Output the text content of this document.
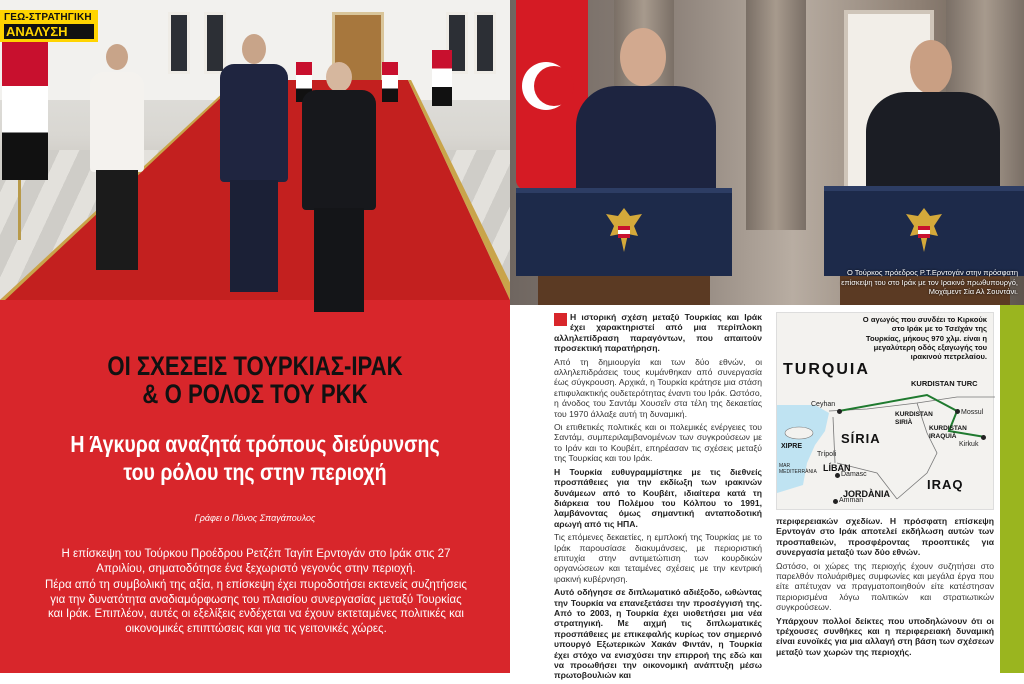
ΓΕΩ-ΣΤΡΑΤΗΓΙΚΗ
ΑΝΑΛΥΣΗ
ΟΙ ΣΧΕΣΕΙΣ ΤΟΥΡΚΙΑΣ-ΙΡΑΚ
& Ο ΡΟΛΟΣ ΤΟΥ PKK
Η Άγκυρα αναζητά τρόπους διεύρυνσης
του ρόλου της στην περιοχή
Γράφει ο Πόνος Σπαγάπουλος

Η επίσκεψη του Τούρκου Προέδρου Ρετζέπ Ταγίπ Ερντογάν στο Ιράκ στις 27 Απριλίου, σηματοδότησε ένα ξεχωριστό γεγονός στην περιοχή.

Πέρα από τη συμβολική της αξία, η επίσκεψη έχει πυροδοτήσει εκτενείς συζητήσεις για την δυνατότητα αναδιαμόρφωσης του πλαισίου συνεργασίας μεταξύ Τουρκίας και Ιράκ. Επιπλέον, αυτές οι εξελίξεις ενδέχεται να έχουν εκτεταμένες πολιτικές και οικονομικές επιπτώσεις και για τις γειτονικές χώρες.

Ο Τούρκος πρόεδρος Ρ.Τ.Ερντογάν στην πρόσφατη επίσκεψη του στο Ιράκ με τον Ιρακινό πρωθυπουργό, Μοχάμεντ Σία Αλ Σουντάνι.

Η ιστορική σχέση μεταξύ Τουρκίας και Ιράκ έχει χαρακτηριστεί από μια περίπλοκη αλληλεπίδραση παραγόντων, που απαιτούν προσεκτική παρατήρηση.

Από τη δημιουργία και των δύο εθνών, οι αλληλεπιδράσεις τους κυμάνθηκαν από συνεργασία έως σύγκρουση. Αρχικά, η Τουρκία κράτησε μια στάση επιφυλακτικής ουδετερότητας έναντι του Ιράκ. Ωστόσο, η άνοδος του Σαντάμ Χουσεΐν στα τέλη της δεκαετίας του 1970 άλλαξε αυτή τη δυναμική.

Οι επιθετικές πολιτικές και οι πολεμικές ενέργειες του Σαντάμ, συμπεριλαμβανομένων των συγκρούσεων με το Ιράν και το Κουβέιτ, επηρέασαν τις σχέσεις μεταξύ της Τουρκίας και του Ιράκ.

Η Τουρκία ευθυγραμμίστηκε με τις διεθνείς προσπάθειες για την εκδίωξη των ιρακινών δυνάμεων από το Κουβέιτ, ιδιαίτερα κατά τη διάρκεια του Πολέμου του Κόλπου το 1991, λαμβάνοντας όμως σημαντική ανταποδοτική αρωγή από τις ΗΠΑ.

Τις επόμενες δεκαετίες, η εμπλοκή της Τουρκίας με το Ιράκ παρουσίασε διακυμάνσεις, με περιοριστική επιτυχία στην αντιμετώπιση των κουρδικών οργανώσεων και τεταμένες σχέσεις με την κεντρική ιρακινή κυβέρνηση.

Αυτό οδήγησε σε διπλωματικό αδιέξοδο, ωθώντας την Τουρκία να επανεξετάσει την προσέγγισή της. Από το 2003, η Τουρκία έχει υιοθετήσει μια νέα στρατηγική. Με αιχμή τις διπλωματικές προσπάθειες με επικεφαλής κυρίως τον σημερινό υπουργό Εξωτερικών Χακάν Φιντάν, η Τουρκία έχει στόχο να ενισχύσει την επιρροή της εδώ και να προωθήσει την οικονομική ανάπτυξη μέσω πρωτοβουλιών και

Ο αγωγός που συνδέει το Κιρκούκ στο Ιράκ με το Τσεϊχάν της Τουρκίας, μήκους 970 χλμ. είναι η μεγαλύτερη οδός εξαγωγής του ιρακινού πετρελαίου.
TURQUIA
SÍRIA
IRAQ
XIPRE
LÍBAN
JORDÀNIA
KURDISTAN TURC
KURDISTAN SIRIÀ
KURDISTAN IRAQUIÀ
MAR MEDITERRÀNIA
Ceyhan
Mossul
Kirkuk
Trípoli
Damasc
Amman

περιφερειακών σχεδίων. Η πρόσφατη επίσκεψη Ερντογάν στο Ιράκ αποτελεί εκδήλωση αυτών των προσπαθειών, προσφέροντας προοπτικές για συνεργασία μεταξύ των δύο εθνών.

Ωστόσο, οι χώρες της περιοχής έχουν συζητήσει στο παρελθόν πολυάριθμες συμφωνίες και μεγάλα έργα που είτε απέτυχαν να πραγματοποιηθούν είτε κατέστησαν περιορισμένα λόγω πολιτικών και στρατιωτικών συγκρούσεων.

Υπάρχουν πολλοί δείκτες που υποδηλώνουν ότι οι τρέχουσες συνθήκες και η περιφερειακή δυναμική είναι ευνοϊκές για μια αλλαγή στη βάση των σχέσεων μεταξύ των χωρών της περιοχής.
